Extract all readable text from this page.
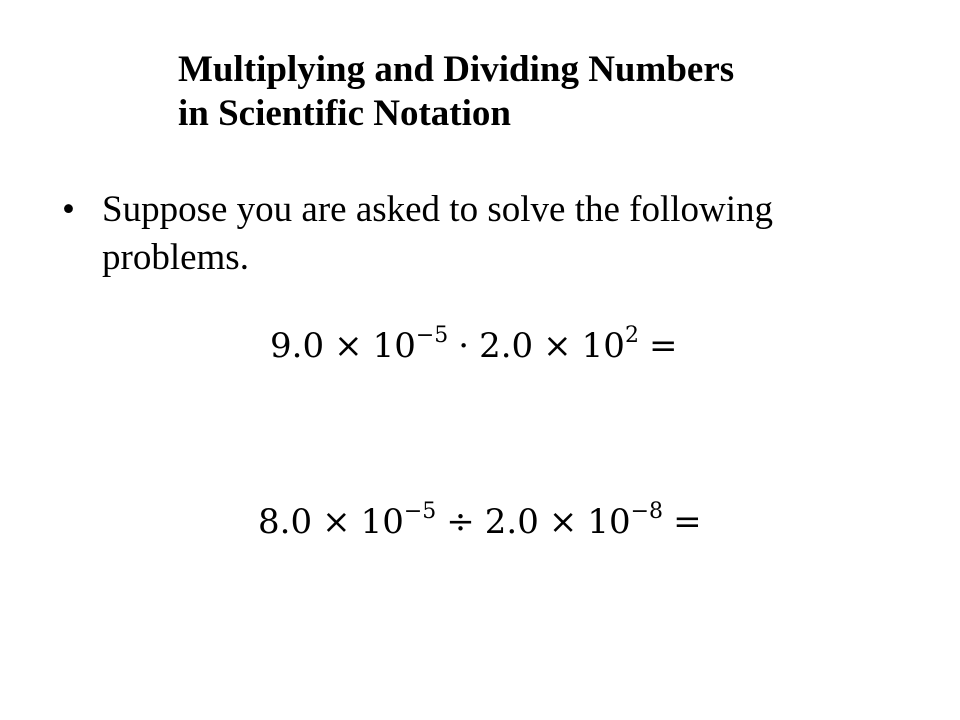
Multiplying and Dividing Numbers
in Scientific Notation
• Suppose you are asked to solve the following problems.
$9.0 \times 10^{-5} \cdot 2.0 \times 10^2$ =
$8.0 \times 10^{-5} \div 2.0 \times 10^{-8}$ =
